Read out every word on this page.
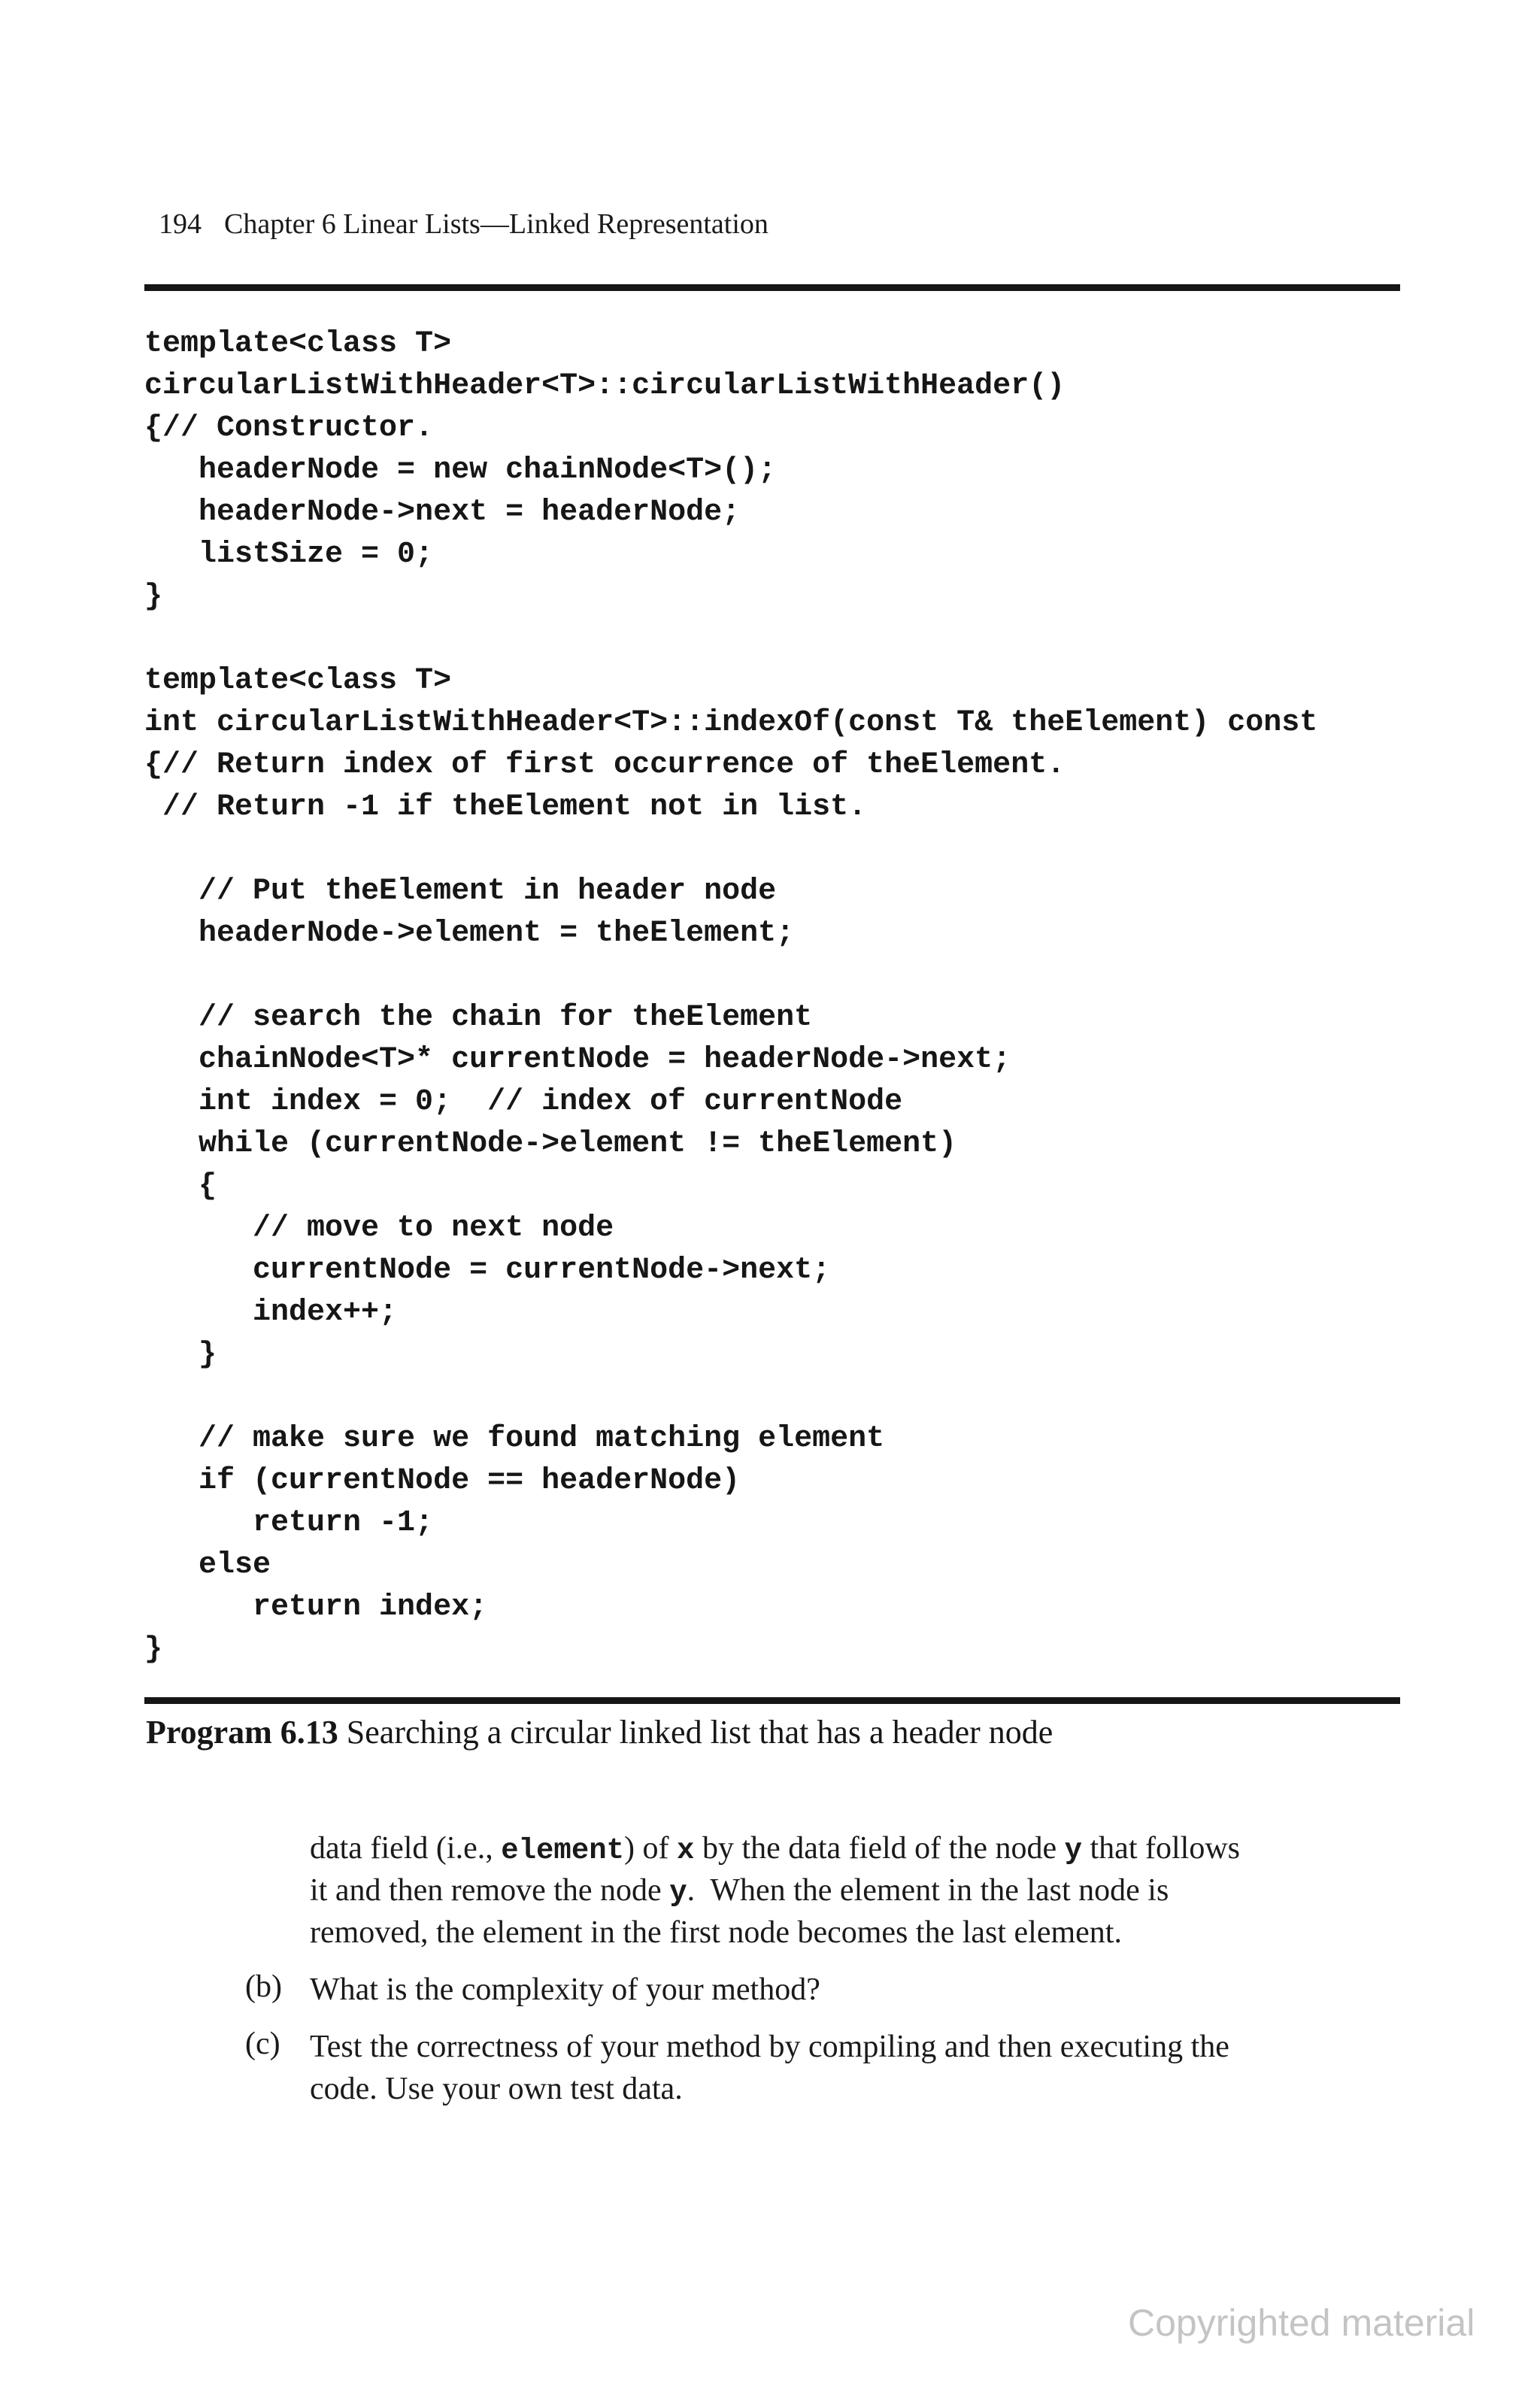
194 Chapter 6 Linear Lists—Linked Representation

template<class T>
circularListWithHeader<T>::circularListWithHeader()
{// Constructor.
headerNode = new chainNode<T>();
headerNode->next = headerNode;
listSize = 0;
}
template<class T>
int circularListWithHeader<T>::indexOf(const T& theElement) const
{// Return index of first occurrence of theElement.
// Return -1 if theElement not in list.
// Put theElement in header node
headerNode->element = theElement;
// search the chain for theElement
chainNode<T>* currentNode = headerNode->next;
int index = 0;  // index of currentNode
while (currentNode->element != theElement)
{
// move to next node
currentNode = currentNode->next;
index++;
}
// make sure we found matching element
if (currentNode == headerNode)
return -1;
else
return index;
}
Program 6.13 Searching a circular linked list that has a header node
data field (i.e., element) of x by the data field of the node y that follows
it and then remove the node y.  When the element in the last node is
removed, the element in the first node becomes the last element.
(b) What is the complexity of your method?
(c) Test the correctness of your method by compiling and then executing the
code. Use your own test data.
Copyrighted material
